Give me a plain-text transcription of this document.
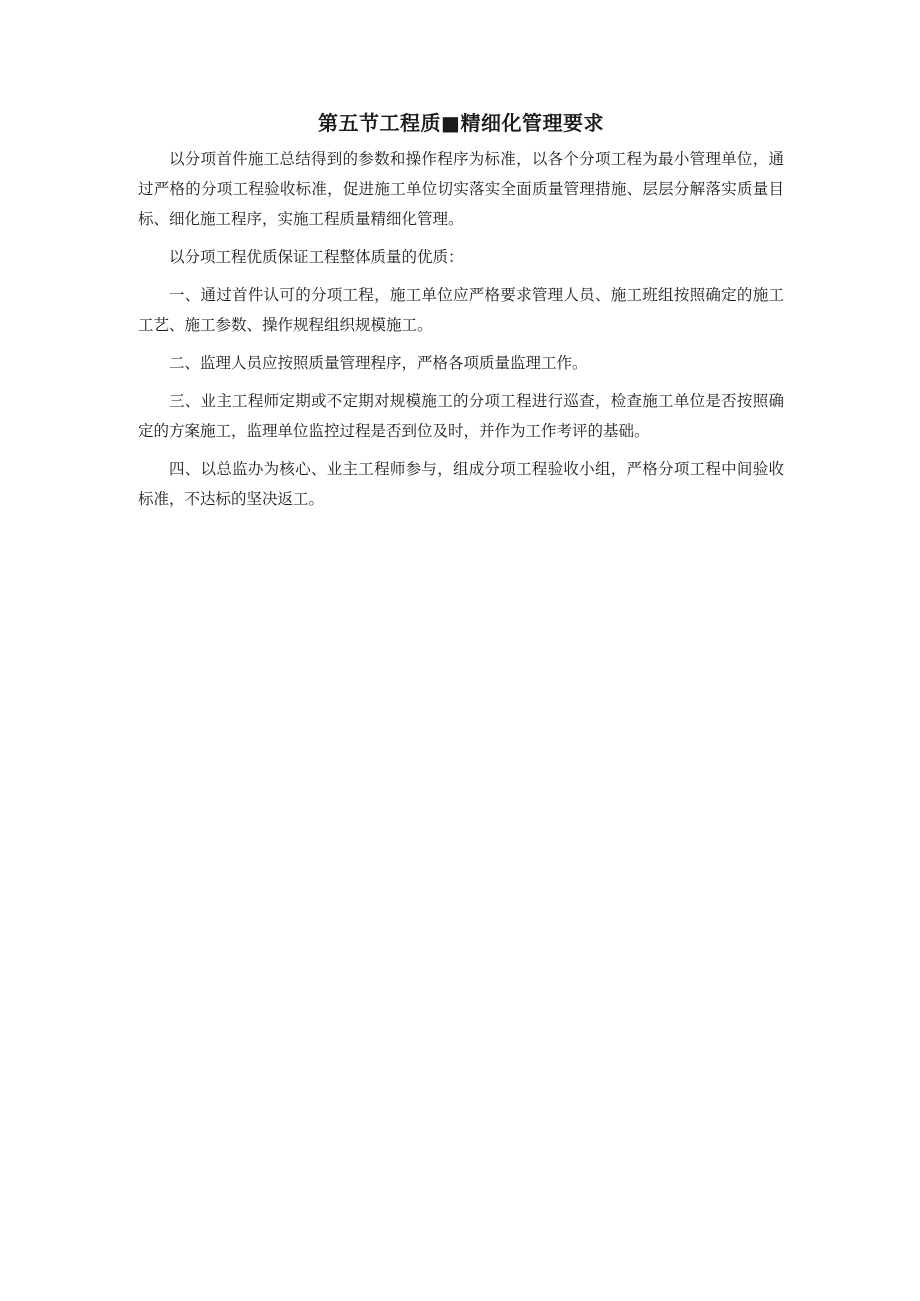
第五节工程质■精细化管理要求

以分项首件施工总结得到的参数和操作程序为标准，以各个分项工程为最小管理单位，通过严格的分项工程验收标准，促进施工单位切实落实全面质量管理措施、层层分解落实质量目标、细化施工程序，实施工程质量精细化管理。

以分项工程优质保证工程整体质量的优质：

一、通过首件认可的分项工程，施工单位应严格要求管理人员、施工班组按照确定的施工工艺、施工参数、操作规程组织规模施工。

二、监理人员应按照质量管理程序，严格各项质量监理工作。

三、业主工程师定期或不定期对规模施工的分项工程进行巡查，检查施工单位是否按照确定的方案施工，监理单位监控过程是否到位及时，并作为工作考评的基础。

四、以总监办为核心、业主工程师参与，组成分项工程验收小组，严格分项工程中间验收标准，不达标的坚决返工。
